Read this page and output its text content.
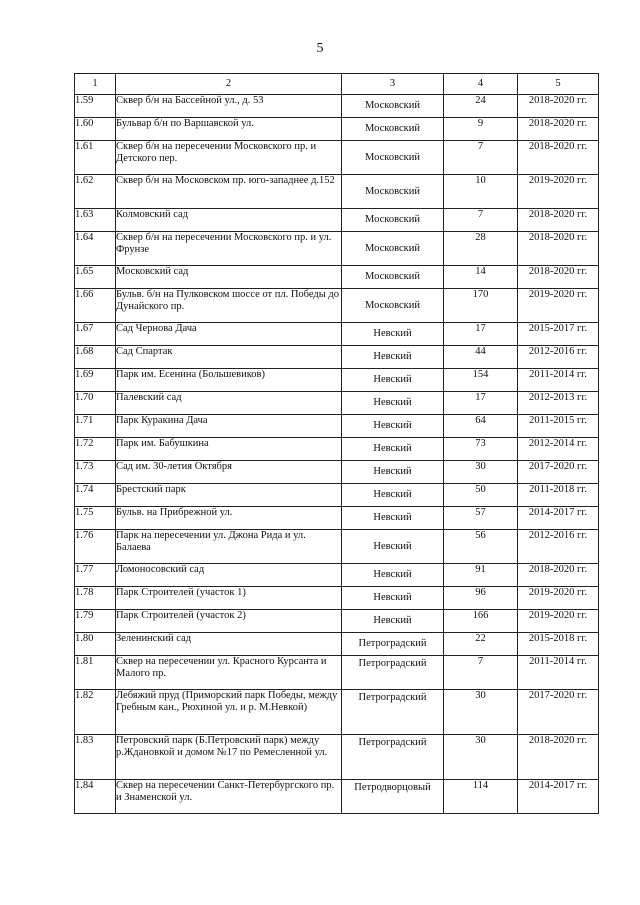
5
1	2	3	4	5
1.59	Сквер б/н на Бассейной ул., д. 53	Московский	24	2018-2020 гг.
1.60	Бульвар б/н по Варшавской ул.	Московский	9	2018-2020 гг.
1.61	Сквер б/н на пересечении Московского пр. и Детского пер.	Московский	7	2018-2020 гг.
1.62	Сквер б/н на Московском пр. юго-западнее д.152	Московский	10	2019-2020 гг.
1.63	Колмовский сад	Московский	7	2018-2020 гг.
1.64	Сквер б/н на пересечении Московского пр. и ул. Фрунзе	Московский	28	2018-2020 гг.
1.65	Московский сад	Московский	14	2018-2020 гг.
1.66	Бульв. б/н на Пулковском шоссе от пл. Победы до Дунайского пр.	Московский	170	2019-2020 гг.
1.67	Сад Чернова Дача	Невский	17	2015-2017 гг.
1.68	Сад Спартак	Невский	44	2012-2016 гг.
1.69	Парк им. Есенина (Большевиков)	Невский	154	2011-2014 гг.
1.70	Палевский сад	Невский	17	2012-2013 гг.
1.71	Парк Куракина Дача	Невский	64	2011-2015 гг.
1.72	Парк им. Бабушкина	Невский	73	2012-2014 гг.
1.73	Сад им. 30-летия Октября	Невский	30	2017-2020 гг.
1.74	Брестский парк	Невский	50	2011-2018 гг.
1.75	Бульв. на Прибрежной ул.	Невский	57	2014-2017 гг.
1.76	Парк на пересечении ул. Джона Рида и ул. Балаева	Невский	56	2012-2016 гг.
1.77	Ломоносовский сад	Невский	91	2018-2020 гг.
1.78	Парк Строителей (участок 1)	Невский	96	2019-2020 гг.
1.79	Парк Строителей (участок 2)	Невский	166	2019-2020 гг.
1.80	Зеленинский сад	Петроградский	22	2015-2018 гг.
1.81	Сквер на пересечении ул. Красного Курсанта и Малого пр.	Петроградский	7	2011-2014 гг.
1.82	Лебяжий пруд (Приморский парк Победы, между Гребным кан., Рюхиной ул. и р. М.Невкой)	Петроградский	30	2017-2020 гг.
1.83	Петровский парк (Б.Петровский парк) между р.Ждановкой и домом №17 по Ремесленной ул.	Петроградский	30	2018-2020 гг.
1.84	Сквер на пересечении Санкт-Петербургского пр. и Знаменской ул.	Петродворцовый	114	2014-2017 гг.
